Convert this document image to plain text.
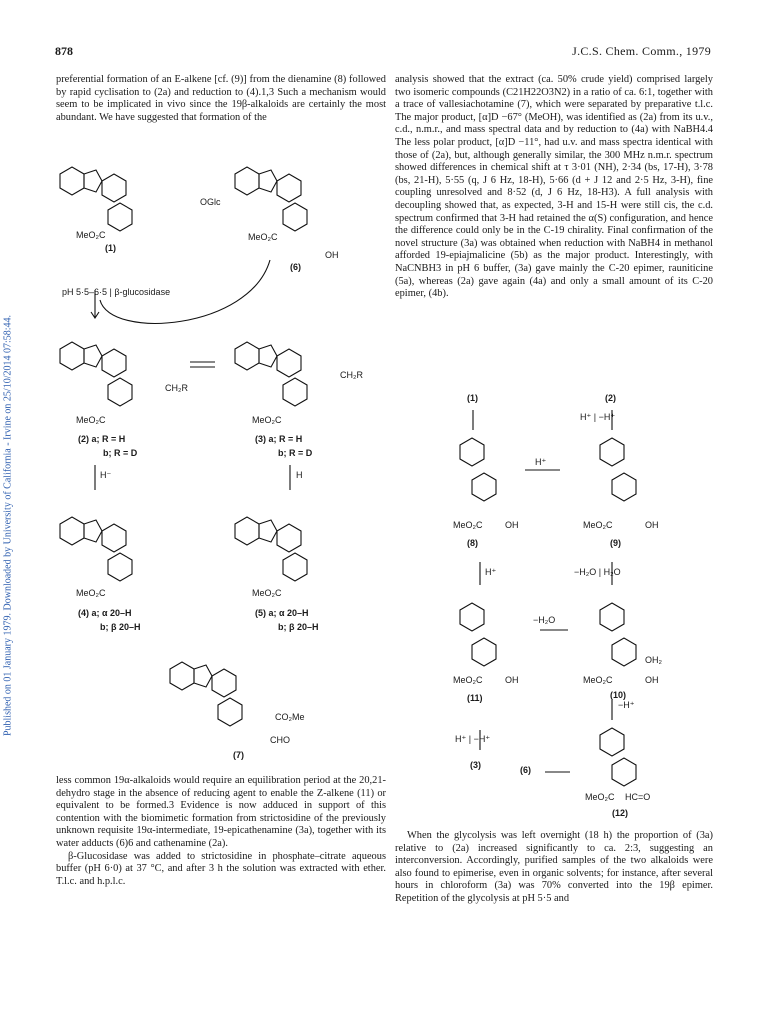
878	J.C.S. Chem. Comm., 1979
Published on 01 January 1979. Downloaded by University of California - Irvine on 25/10/2014 07:58:44.

preferential formation of an E-alkene [cf. (9)] from the dienamine (8) followed by rapid cyclisation to (2a) and reduction to (4).1,3 Such a mechanism would seem to be implicated in vivo since the 19β-alkaloids are certainly the most abundant. We have suggested that formation of the

analysis showed that the extract (ca. 50% crude yield) comprised largely two isomeric compounds (C21H22O3N2) in a ratio of ca. 6:1, together with a trace of vallesiachotamine (7), which were separated by preparative t.l.c. The major product, [α]D −67° (MeOH), was identified as (2a) from its u.v., c.d., n.m.r., and mass spectral data and by reduction to (4a) with NaBH4.4 The less polar product, [α]D −11°, had u.v. and mass spectra identical with those of (2a), but, although generally similar, the 300 MHz n.m.r. spectrum showed differences in chemical shift at τ 3·01 (NH), 2·34 (bs, 17-H), 3·78 (bs, 21-H), 5·55 (q, J 6 Hz, 18-H), 5·66 (d + J 12 and 2·5 Hz, 3-H), fine coupling unresolved and 8·52 (d, J 6 Hz, 18-H3). A full analysis with decoupling showed that, as expected, 3-H and 15-H were still cis, the c.d. spectrum confirmed that 3-H had retained the α(S) configuration, and hence the difference could only be in the C-19 chirality. Final confirmation of the novel structure (3a) was obtained when reduction with NaBH4 in methanol afforded 19-epiajmalicine (5b) as the major product. Interestingly, with NaCNBH3 in pH 6 buffer, (3a) gave mainly the C-20 epimer, rauniticine (5a), whereas (2a) gave again (4a) and only a small amount of its C-20 epimer, (4b).

less common 19α-alkaloids would require an equilibration period at the 20,21-dehydro stage in the absence of reducing agent to enable the Z-alkene (11) or equivalent to be formed.3 Evidence is now adduced in support of this contention with the biomimetic formation from strictosidine of the previously unknown requisite 19α-intermediate, 19-epicathenamine (3a), together with its water adducts (6)6 and cathenamine (2a).

β-Glucosidase was added to strictosidine in phosphate–citrate aqueous buffer (pH 6·0) at 37 °C, and after 3 h the solution was extracted with ether. T.l.c. and h.p.l.c.

When the glycolysis was left overnight (18 h) the proportion of (3a) relative to (2a) increased significantly to ca. 2:3, suggesting an interconversion. Accordingly, purified samples of the two alkaloids were also found to epimerise, even in organic solvents; for instance, after several hours in chloroform (3a) was 70% converted into the 19β epimer. Repetition of the glycolysis at pH 5·5 and

(1)
(6)
OGlc
MeO₂C	MeO₂C
OH
pH 5·5–6·5 | β-glucosidase
CH₂R
CH₂R
MeO₂C	MeO₂C
(2) a; R = H
b; R = D
(3) a; R = H
b; R = D
H⁻	H
MeO₂C	MeO₂C
(4) a; α 20–H
b; β 20–H
(5) a; α 20–H
b; β 20–H
CO₂Me
CHO
(7)
(1)	(2)
H⁺ | −H⁺
H⁺
MeO₂C	OH	MeO₂C	OH
(8)	(9)
H⁺	−H₂O | H₂O
−H₂O
OH₂
MeO₂C	OH	MeO₂C	OH
(11)	(10)
−H⁺
H⁺ | −H⁺
(3)	(6)
MeO₂C HC=O
(12)
